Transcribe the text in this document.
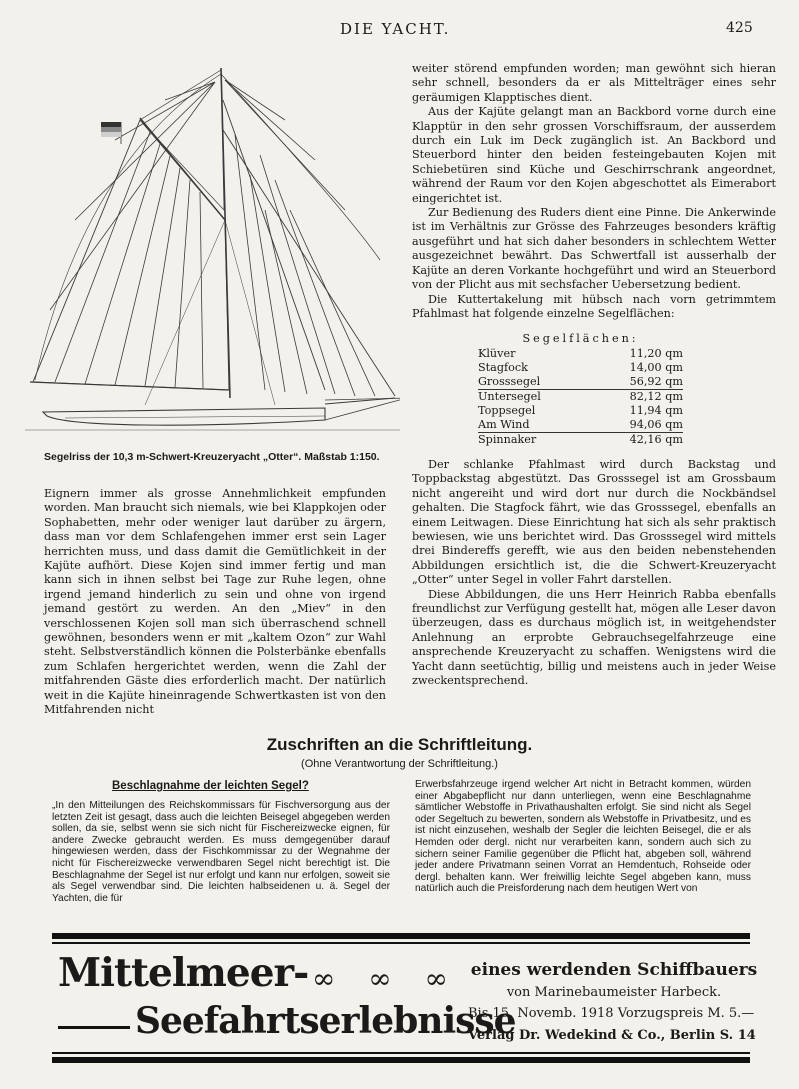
DIE YACHT.	425
Segelriss der 10,3 m-Schwert-Kreuzeryacht „Otter“. Maßstab 1:150.

weiter störend empfunden worden; man gewöhnt sich hieran sehr schnell, besonders da er als Mittelträger eines sehr geräumigen Klapptisches dient.

Aus der Kajüte gelangt man an Backbord vorne durch eine Klapptür in den sehr grossen Vorschiffsraum, der ausserdem durch ein Luk im Deck zugänglich ist. An Backbord und Steuerbord hinter den beiden festeingebauten Kojen mit Schiebetüren sind Küche und Geschirrschrank angeordnet, während der Raum vor den Kojen abgeschottet als Eimerabort eingerichtet ist.

Zur Bedienung des Ruders dient eine Pinne. Die Ankerwinde ist im Verhältnis zur Grösse des Fahrzeuges besonders kräftig ausgeführt und hat sich daher besonders in schlechtem Wetter ausgezeichnet bewährt. Das Schwertfall ist ausserhalb der Kajüte an deren Vorkante hochgeführt und wird an Steuerbord von der Plicht aus mit sechsfacher Uebersetzung bedient.

Die Kuttertakelung mit hübsch nach vorn getrimmtem Pfahlmast hat folgende einzelne Segelflächen:

Segelflächen:
Klüver	11,20 qm
Stagfock	14,00 qm
Grosssegel	56,92 qm
Untersegel	82,12 qm
Toppsegel	11,94 qm
Am Wind	94,06 qm
Spinnaker	42,16 qm

Der schlanke Pfahlmast wird durch Backstag und Toppbackstag abgestützt. Das Grosssegel ist am Grossbaum nicht angereiht und wird dort nur durch die Nockbändsel gehalten. Die Stagfock fährt, wie das Grosssegel, ebenfalls an einem Leitwagen. Diese Einrichtung hat sich als sehr praktisch bewiesen, wie uns berichtet wird. Das Grosssegel wird mittels drei Bindereffs gerefft, wie aus den beiden nebenstehenden Abbildungen ersichtlich ist, die die Schwert-Kreuzeryacht „Otter“ unter Segel in voller Fahrt darstellen.

Diese Abbildungen, die uns Herr Heinrich Rabba ebenfalls freundlichst zur Verfügung gestellt hat, mögen alle Leser davon überzeugen, dass es durchaus möglich ist, in weitgehendster Anlehnung an erprobte Gebrauchsegelfahrzeuge eine ansprechende Kreuzeryacht zu schaffen. Wenigstens wird die Yacht dann seetüchtig, billig und meistens auch in jeder Weise zweckentsprechend.

Eignern immer als grosse Annehmlichkeit empfunden worden. Man braucht sich niemals, wie bei Klappkojen oder Sophabetten, mehr oder weniger laut darüber zu ärgern, dass man vor dem Schlafengehen immer erst sein Lager herrichten muss, und dass damit die Gemütlichkeit in der Kajüte aufhört. Diese Kojen sind immer fertig und man kann sich in ihnen selbst bei Tage zur Ruhe legen, ohne irgend jemand hinderlich zu sein und ohne von irgend jemand gestört zu werden. An den „Miev“ in den verschlossenen Kojen soll man sich überraschend schnell gewöhnen, besonders wenn er mit „kaltem Ozon“ zur Wahl steht. Selbstverständlich können die Polsterbänke ebenfalls zum Schlafen hergerichtet werden, wenn die Zahl der mitfahrenden Gäste dies erforderlich macht. Der natürlich weit in die Kajüte hineinragende Schwertkasten ist von den Mitfahrenden nicht

Zuschriften an die Schriftleitung.
(Ohne Verantwortung der Schriftleitung.)
Beschlagnahme der leichten Segel?

„In den Mitteilungen des Reichskommissars für Fischversorgung aus der letzten Zeit ist gesagt, dass auch die leichten Beisegel abgegeben werden sollen, da sie, selbst wenn sie sich nicht für Fischereizwecke eignen, für andere Zwecke gebraucht werden. Es muss demgegenüber darauf hingewiesen werden, dass der Fischkommissar zu der Wegnahme der nicht für Fischereizwecke verwendbaren Segel nicht berechtigt ist. Die Beschlagnahme der Segel ist nur erfolgt und kann nur erfolgen, soweit sie als Segel verwendbar sind. Die leichten halbseidenen u. ä. Segel der Yachten, die für

Erwerbsfahrzeuge irgend welcher Art nicht in Betracht kommen, würden einer Abgabepflicht nur dann unterliegen, wenn eine Beschlagnahme sämtlicher Webstoffe in Privathaushalten erfolgt. Sie sind nicht als Segel oder Segeltuch zu bewerten, sondern als Webstoffe in Privatbesitz, und es ist nicht einzusehen, weshalb der Segler die leichten Beisegel, die er als Hemden oder dergl. nicht nur verarbeiten kann, sondern auch sich zu sichern seiner Familie gegenüber die Pflicht hat, abgeben soll, während jeder andere Privatmann seinen Vorrat an Hemdentuch, Rohseide oder dergl. behalten kann. Wer freiwillig leichte Segel abgeben kann, muss natürlich auch die Preisforderung nach dem heutigen Wert von

Mittelmeer- ∞ ∞ ∞
Seefahrtserlebnisse
eines werdenden Schiffbauers
von Marinebaumeister Harbeck.
Bis 15. Novemb. 1918 Vorzugspreis M. 5.—
Verlag Dr. Wedekind & Co., Berlin S. 14
